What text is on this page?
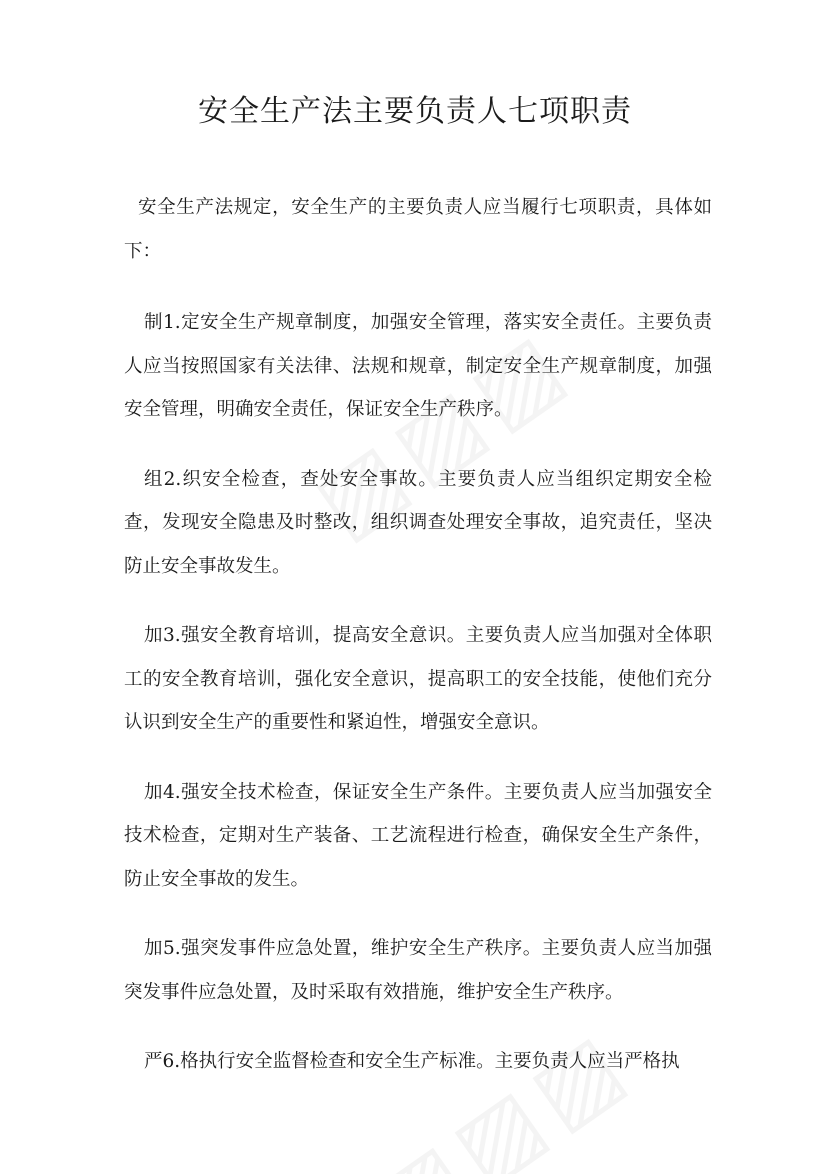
安全生产法主要负责人七项职责

安全生产法规定，安全生产的主要负责人应当履行七项职责，具体如下：

制1.定安全生产规章制度，加强安全管理，落实安全责任。主要负责人应当按照国家有关法律、法规和规章，制定安全生产规章制度，加强安全管理，明确安全责任，保证安全生产秩序。

组2.织安全检查，查处安全事故。主要负责人应当组织定期安全检查，发现安全隐患及时整改，组织调查处理安全事故，追究责任，坚决防止安全事故发生。

加3.强安全教育培训，提高安全意识。主要负责人应当加强对全体职工的安全教育培训，强化安全意识，提高职工的安全技能，使他们充分认识到安全生产的重要性和紧迫性，增强安全意识。

加4.强安全技术检查，保证安全生产条件。主要负责人应当加强安全技术检查，定期对生产装备、工艺流程进行检查，确保安全生产条件，防止安全事故的发生。

加5.强突发事件应急处置，维护安全生产秩序。主要负责人应当加强突发事件应急处置，及时采取有效措施，维护安全生产秩序。

严6.格执行安全监督检查和安全生产标准。主要负责人应当严格执
